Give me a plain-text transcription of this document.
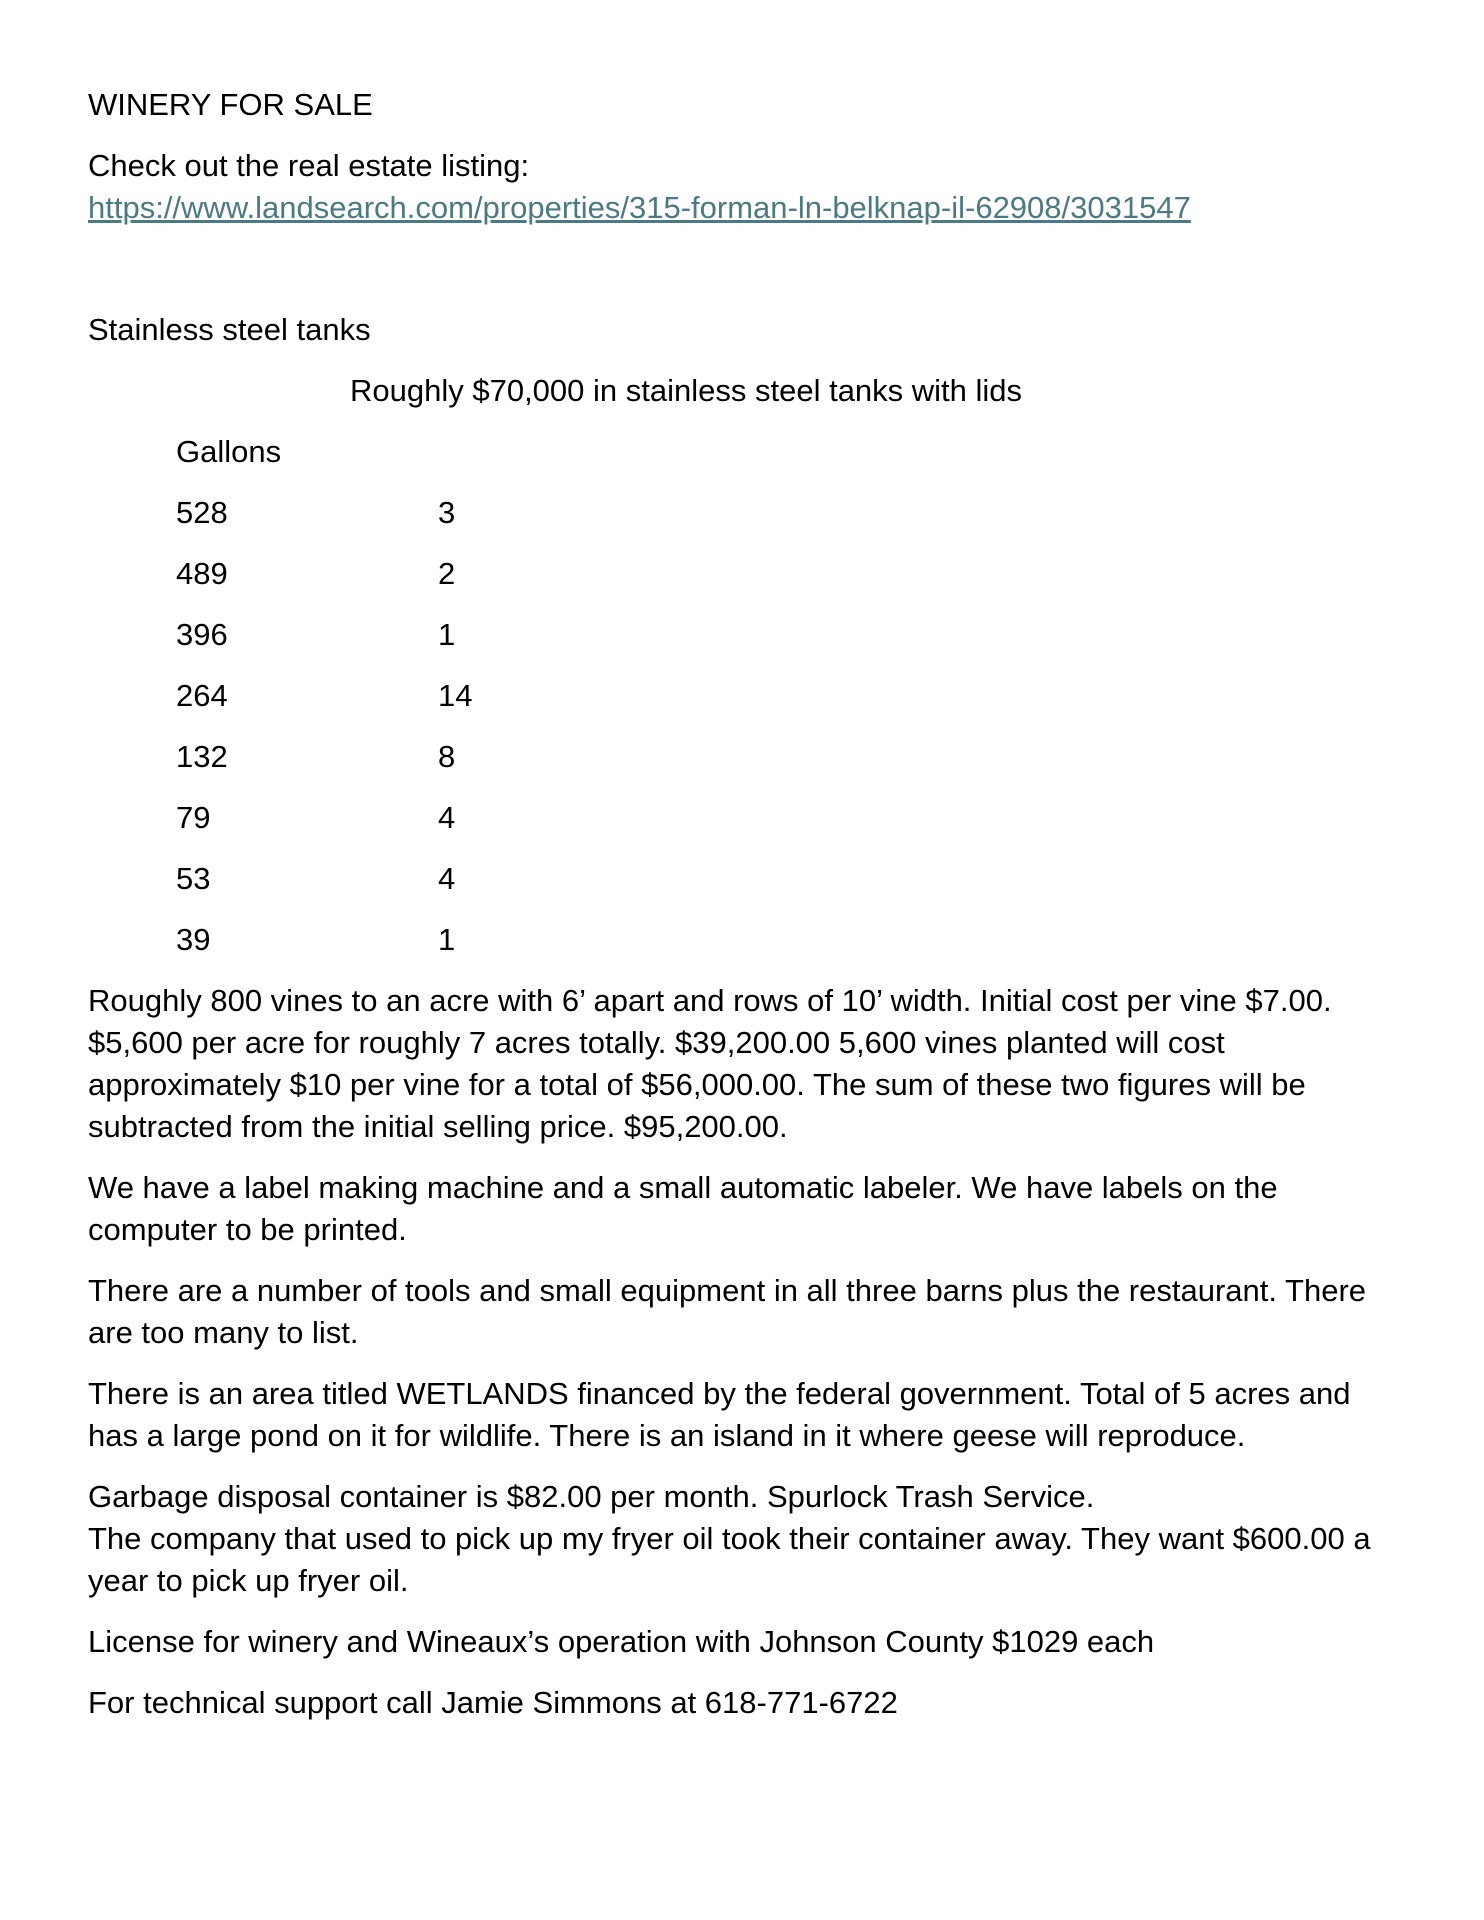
WINERY FOR SALE
Check out the real estate listing:
https://www.landsearch.com/properties/315-forman-ln-belknap-il-62908/3031547
Stainless steel tanks
Roughly $70,000 in stainless steel tanks with lids
Gallons	
528	3
489	2
396	1
264	14
132	8
79	4
53	4
39	1
Roughly 800 vines to an acre with 6’ apart and rows of 10’ width. Initial cost per vine $7.00. $5,600 per acre for roughly 7 acres totally. $39,200.00 5,600 vines planted will cost approximately $10 per vine for a total of $56,000.00. The sum of these two figures will be subtracted from the initial selling price. $95,200.00.
We have a label making machine and a small automatic labeler. We have labels on the computer to be printed.
There are a number of tools and small equipment in all three barns plus the restaurant. There are too many to list.
There is an area titled WETLANDS financed by the federal government. Total of 5 acres and has a large pond on it for wildlife. There is an island in it where geese will reproduce.
Garbage disposal container is $82.00 per month. Spurlock Trash Service.
The company that used to pick up my fryer oil took their container away. They want $600.00 a year to pick up fryer oil.
License for winery and Wineaux’s operation with Johnson County $1029 each
For technical support call Jamie Simmons at 618-771-6722
